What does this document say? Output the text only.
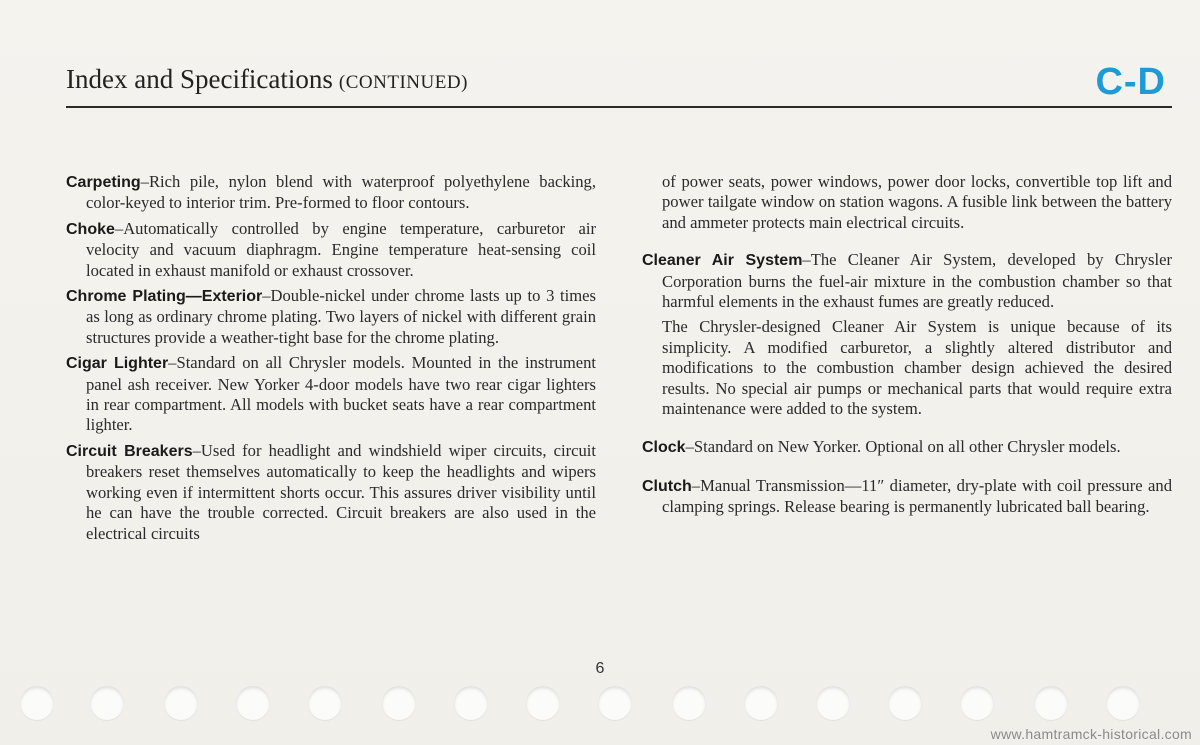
Index and Specifications (CONTINUED)	C-D

Carpeting–Rich pile, nylon blend with waterproof polyethylene backing, color-keyed to interior trim. Pre-formed to floor contours.

Choke–Automatically controlled by engine temperature, carburetor air velocity and vacuum diaphragm. Engine temperature heat-sensing coil located in exhaust manifold or exhaust crossover.

Chrome Plating—Exterior–Double-nickel under chrome lasts up to 3 times as long as ordinary chrome plating. Two layers of nickel with different grain structures provide a weather-tight base for the chrome plating.

Cigar Lighter–Standard on all Chrysler models. Mounted in the instrument panel ash receiver. New Yorker 4-door models have two rear cigar lighters in rear compartment. All models with bucket seats have a rear compartment lighter.

Circuit Breakers–Used for headlight and windshield wiper circuits, circuit breakers reset themselves automatically to keep the headlights and wipers working even if intermittent shorts occur. This assures driver visibility until he can have the trouble corrected. Circuit breakers are also used in the electrical circuits

of power seats, power windows, power door locks, convertible top lift and power tailgate window on station wagons. A fusible link between the battery and ammeter protects main electrical circuits.

Cleaner Air System–The Cleaner Air System, developed by Chrysler Corporation burns the fuel-air mixture in the combustion chamber so that harmful elements in the exhaust fumes are greatly reduced.

The Chrysler-designed Cleaner Air System is unique because of its simplicity. A modified carburetor, a slightly altered distributor and modifications to the combustion chamber design achieved the desired results. No special air pumps or mechanical parts that would require extra maintenance were added to the system.

Clock–Standard on New Yorker. Optional on all other Chrysler models.

Clutch–Manual Transmission—11″ diameter, dry-plate with coil pressure and clamping springs. Release bearing is permanently lubricated ball bearing.

6
www.hamtramck-historical.com
